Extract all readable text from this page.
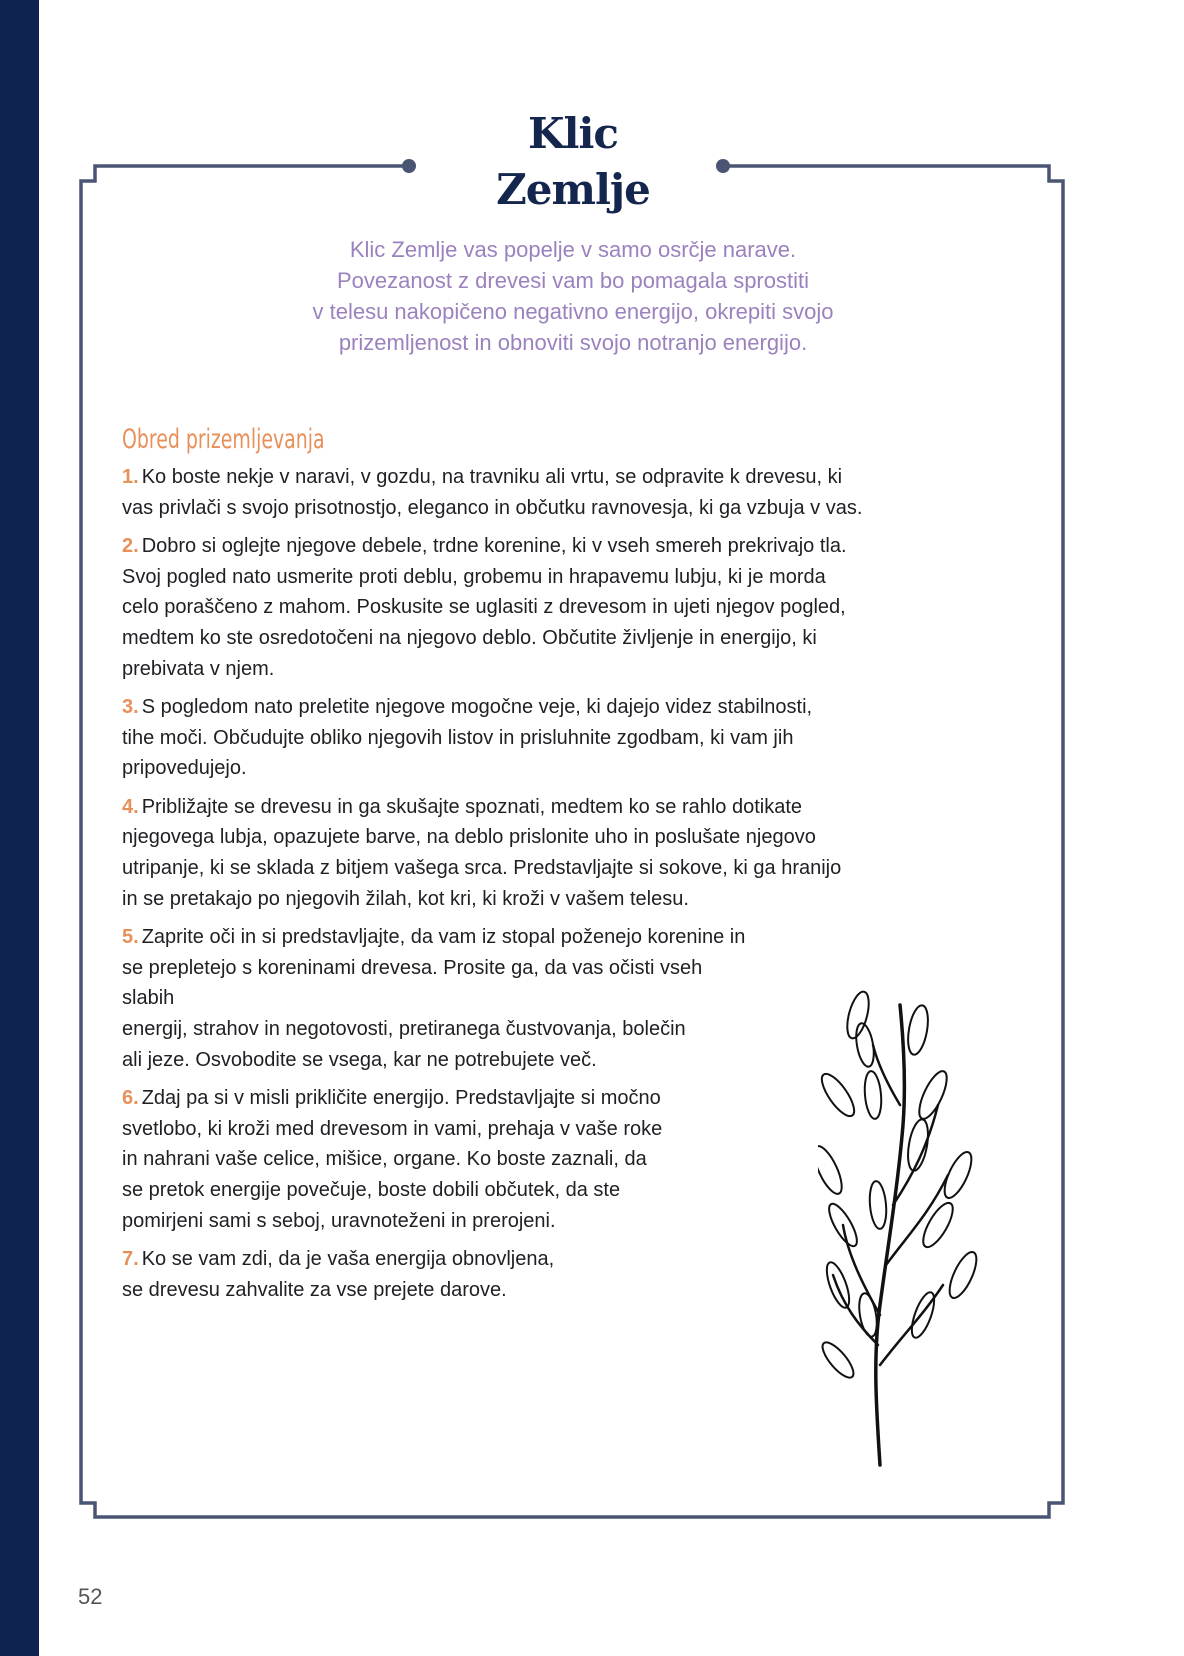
Klic
Zemlje
Klic Zemlje vas popelje v samo osrčje narave.
Povezanost z drevesi vam bo pomagala sprostiti
v telesu nakopičeno negativno energijo, okrepiti svojo
prizemljenost in obnoviti svojo notranjo energijo.
Obred prizemljevanja
1. Ko boste nekje v naravi, v gozdu, na travniku ali vrtu, se odpravite k drevesu, ki
vas privlači s svojo prisotnostjo, eleganco in občutku ravnovesja, ki ga vzbuja v vas.
2. Dobro si oglejte njegove debele, trdne korenine, ki v vseh smereh prekrivajo tla.
Svoj pogled nato usmerite proti deblu, grobemu in hrapavemu lubju, ki je morda
celo poraščeno z mahom. Poskusite se uglasiti z drevesom in ujeti njegov pogled,
medtem ko ste osredotočeni na njegovo deblo. Občutite življenje in energijo, ki
prebivata v njem.
3. S pogledom nato preletite njegove mogočne veje, ki dajejo videz stabilnosti,
tihe moči. Občudujte obliko njegovih listov in prisluhnite zgodbam, ki vam jih
pripovedujejo.
4. Približajte se drevesu in ga skušajte spoznati, medtem ko se rahlo dotikate
njegovega lubja, opazujete barve, na deblo prislonite uho in poslušate njegovo
utripanje, ki se sklada z bitjem vašega srca. Predstavljajte si sokove, ki ga hranijo
in se pretakajo po njegovih žilah, kot kri, ki kroži v vašem telesu.
5. Zaprite oči in si predstavljajte, da vam iz stopal poženejo korenine in
se prepletejo s koreninami drevesa. Prosite ga, da vas očisti vseh
slabih
energij, strahov in negotovosti, pretiranega čustvovanja, bolečin
ali jeze. Osvobodite se vsega, kar ne potrebujete več.
6. Zdaj pa si v misli prikličite energijo. Predstavljajte si močno
svetlobo, ki kroži med drevesom in vami, prehaja v vaše roke
in nahrani vaše celice, mišice, organe. Ko boste zaznali, da
se pretok energije povečuje, boste dobili občutek, da ste
pomirjeni sami s seboj, uravnoteženi in prerojeni.
7. Ko se vam zdi, da je vaša energija obnovljena,
se drevesu zahvalite za vse prejete darove.
52
